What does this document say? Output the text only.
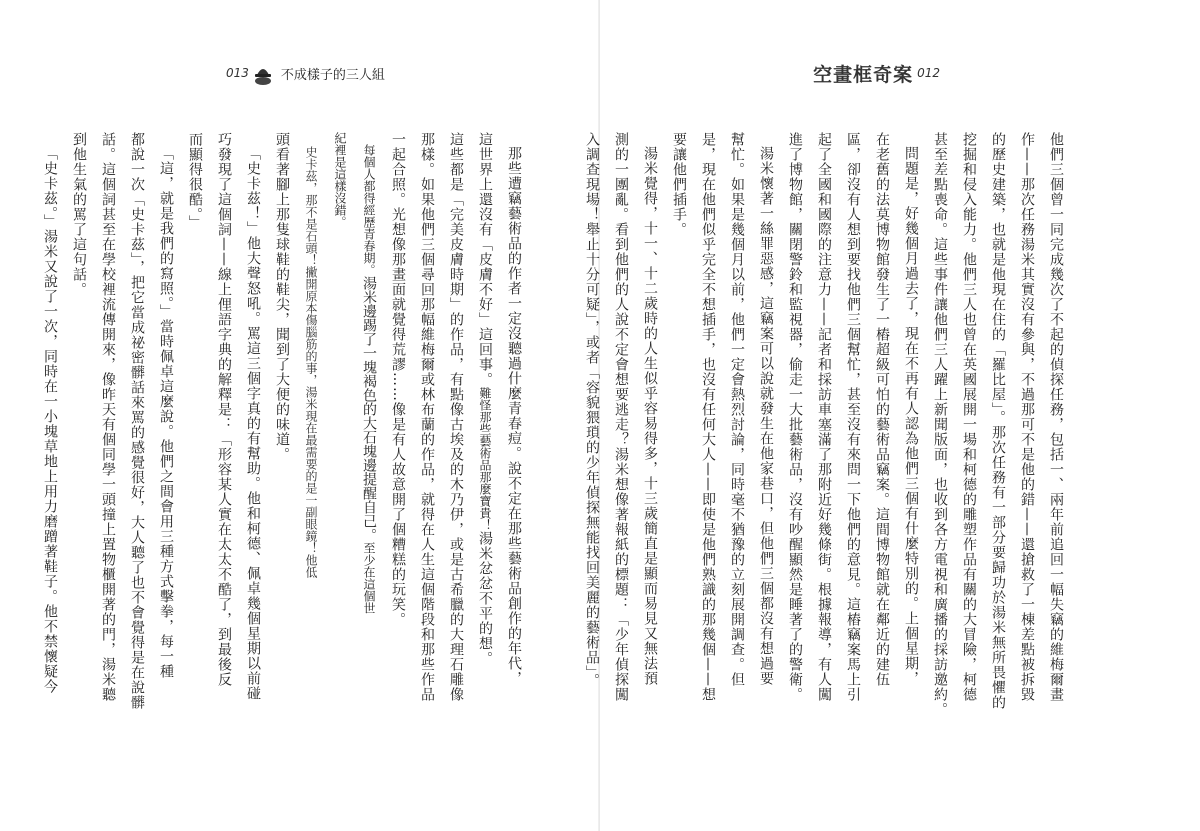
013 不成樣子的三人組

那些遭竊藝術品的作者一定沒聽過什麼青春痘。說不定在那些藝術品創作的年代，

這世界上還沒有「皮膚不好」這回事。難怪那些藝術品那麼寶貴！湯米忿忿不平的想。

這些都是「完美皮膚時期」的作品，有點像古埃及的木乃伊，或是古希臘的大理石雕像

那樣。如果他們三個尋回那幅維梅爾或林布蘭的作品，就得在人生這個階段和那些作品

一起合照。光想像那畫面就覺得荒謬……像是有人故意開了個糟糕的玩笑。

每個人都得經歷青春期。湯米邊踢了一塊褐色的大石塊邊提醒自己。至少在這個世

紀裡是這樣沒錯。

史卡茲，那不是石頭！撇開原本傷腦筋的事，湯米現在最需要的是一副眼鏡！他低

頭看著腳上那隻球鞋的鞋尖，聞到了大便的味道。

「史卡茲！」他大聲怒吼。罵這三個字真的有幫助。他和柯德、佩卓幾個星期以前碰

巧發現了這個詞——線上俚語字典的解釋是：「形容某人實在太太不酷了，到最後反

而顯得很酷。」

「這，就是我們的寫照。」當時佩卓這麼說。他們之間會用三種方式擊拳，每一種

都說一次「史卡茲」，把它當成祕密髒話來罵的感覺很好，大人聽了也不會覺得是在說髒

話。這個詞甚至在學校裡流傳開來，像昨天有個同學一頭撞上置物櫃開著的門，湯米聽

到他生氣的罵了這句話。

「史卡茲。」湯米又說了一次，同時在一小塊草地上用力磨蹭著鞋子。他不禁懷疑今

空畫框奇案 012

他們三個曾一同完成幾次了不起的偵探任務，包括一、兩年前追回一幅失竊的維梅爾畫

作——那次任務湯米其實沒有參與，不過那可不是他的錯——還搶救了一棟差點被拆毀

的歷史建築，也就是他現在住的「羅比屋」。那次任務有一部分要歸功於湯米無所畏懼的

挖掘和侵入能力。他們三人也曾在英國展開一場和柯德的雕塑作品有關的大冒險，柯德

甚至差點喪命。這些事件讓他們三人躍上新聞版面，也收到各方電視和廣播的採訪邀約。

問題是，好幾個月過去了，現在不再有人認為他們三個有什麼特別的。上個星期，

在老舊的法莫博物館發生了一樁超級可怕的藝術品竊案。這間博物館就在鄰近的建伍

區，卻沒有人想到要找他們三個幫忙，甚至沒有來問一下他們的意見。這樁竊案馬上引

起了全國和國際的注意力——記者和採訪車塞滿了那附近好幾條街。根據報導，有人闖

進了博物館，關閉警鈴和監視器，偷走一大批藝術品，沒有吵醒顯然是睡著了的警衛。

湯米懷著一絲罪惡感，這竊案可以說就發生在他家巷口，但他們三個都沒有想過要

幫忙。如果是幾個月以前，他們一定會熱烈討論，同時毫不猶豫的立刻展開調查。但

是，現在他們似乎完全不想插手，也沒有任何大人——即使是他們熟識的那幾個——想

要讓他們插手。

湯米覺得，十一、十二歲時的人生似乎容易得多，十三歲簡直是顯而易見又無法預

測的一團亂。看到他們的人說不定會想要逃走？湯米想像著報紙的標題：「少年偵探闖

入調查現場！舉止十分可疑」，或者「容貌猥瑣的少年偵探無能找回美麗的藝術品」。
